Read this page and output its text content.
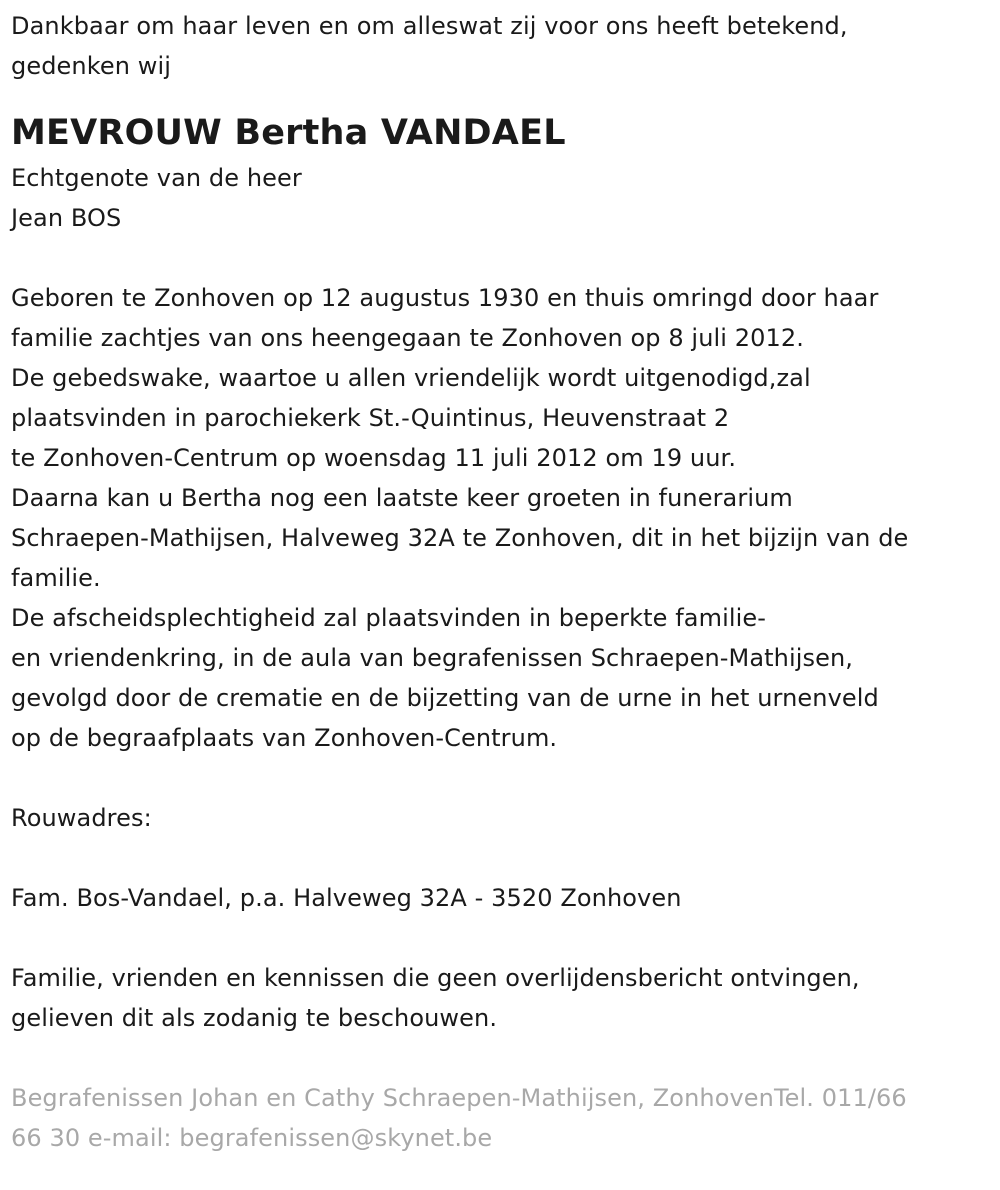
Dankbaar om haar leven en om alleswat zij voor ons heeft betekend,
gedenken wij
MEVROUW Bertha VANDAEL
Echtgenote van de heer
Jean BOS
Geboren te Zonhoven op 12 augustus 1930 en thuis omringd door haar
familie zachtjes van ons heengegaan te Zonhoven op 8 juli 2012.
De gebedswake, waartoe u allen vriendelijk wordt uitgenodigd,zal
plaatsvinden in parochiekerk St.-Quintinus, Heuvenstraat 2
te Zonhoven-Centrum op woensdag 11 juli 2012 om 19 uur.
Daarna kan u Bertha nog een laatste keer groeten in funerarium
Schraepen-Mathijsen, Halveweg 32A te Zonhoven, dit in het bijzijn van de
familie.
De afscheidsplechtigheid zal plaatsvinden in beperkte familie-
en vriendenkring, in de aula van begrafenissen Schraepen-Mathijsen,
gevolgd door de crematie en de bijzetting van de urne in het urnenveld
op de begraafplaats van Zonhoven-Centrum.
Rouwadres:
Fam. Bos-Vandael, p.a. Halveweg 32A - 3520 Zonhoven
Familie, vrienden en kennissen die geen overlijdensbericht ontvingen,
gelieven dit als zodanig te beschouwen.
Begrafenissen Johan en Cathy Schraepen-Mathijsen, ZonhovenTel. 011/66
66 30 e-mail: begrafenissen@skynet.be
